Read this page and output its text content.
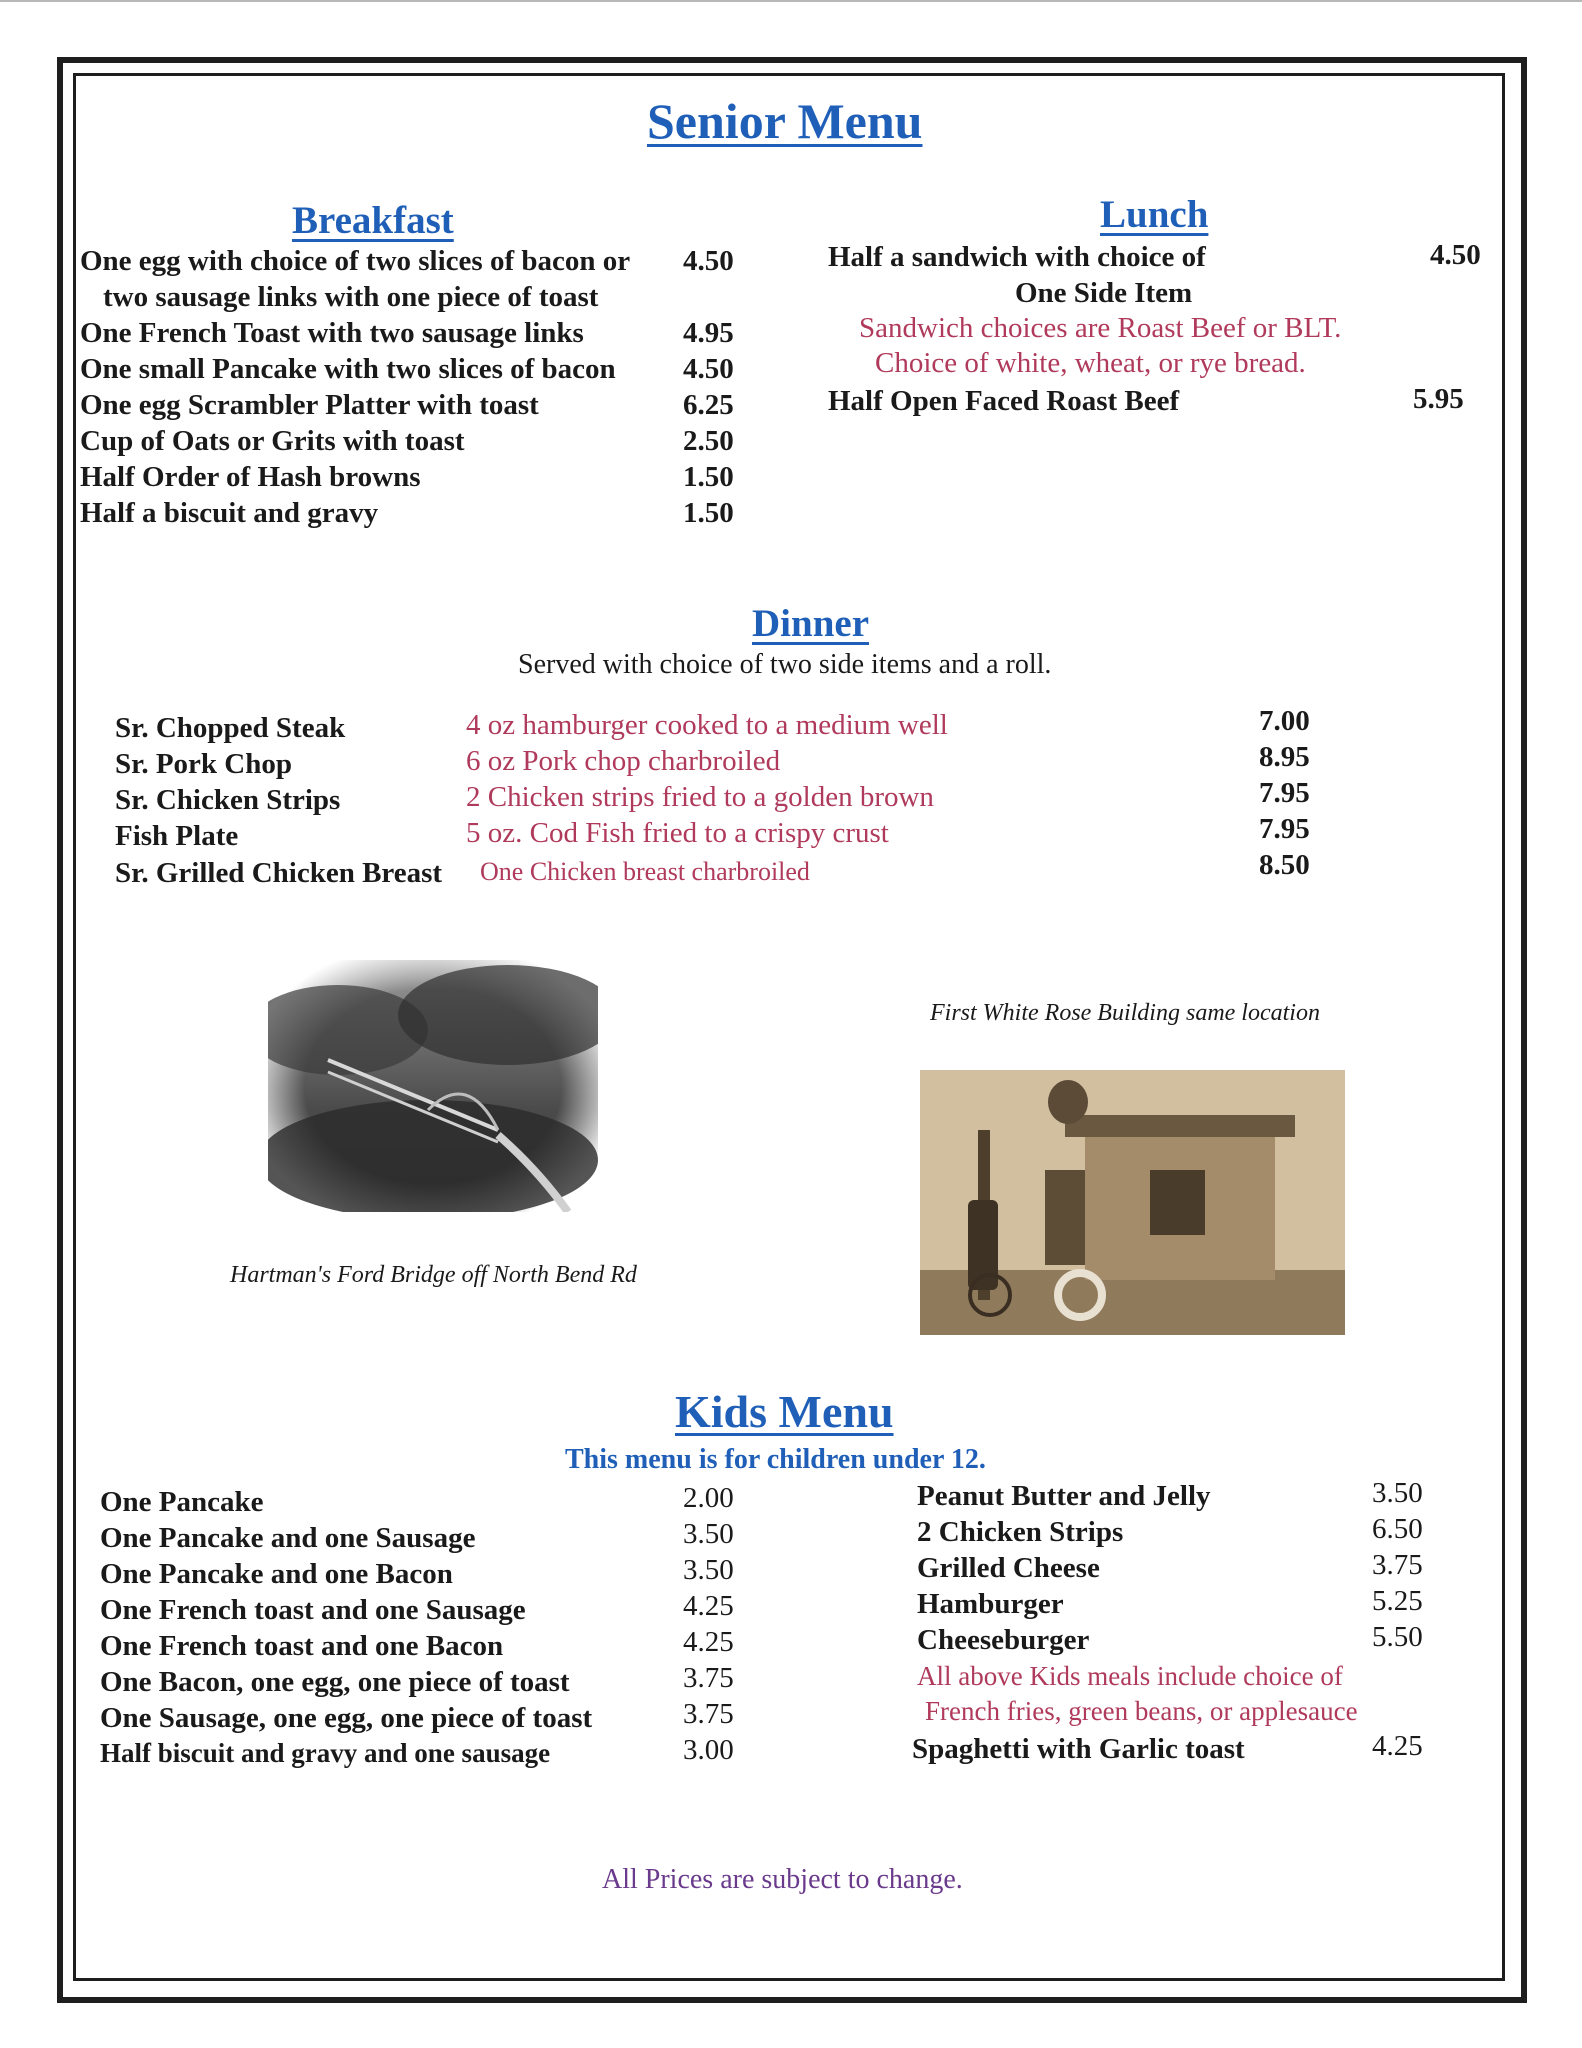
Senior Menu
Breakfast
One egg with choice of two slices of bacon or 4.50
two sausage links with one piece of toast
One French Toast with two sausage links	4.95
One small Pancake with two slices of bacon 4.50
One egg Scrambler Platter with toast	6.25
Cup of Oats or Grits with toast	2.50
Half Order of Hash browns	1.50
Half a biscuit and gravy	1.50
Lunch
Half a sandwich with choice of	4.50
One Side Item
Sandwich choices are Roast Beef or BLT.
Choice of white, wheat, or rye bread.
Half Open Faced Roast Beef	5.95
Dinner
Served with choice of two side items and a roll.
Sr. Chopped Steak	4 oz hamburger cooked to a medium well	7.00
Sr. Pork Chop	6 oz Pork chop charbroiled	8.95
Sr. Chicken Strips	2 Chicken strips fried to a golden brown	7.95
Fish Plate	5 oz. Cod Fish fried to a crispy crust	7.95
Sr. Grilled Chicken Breast One Chicken breast charbroiled	8.50
Hartman's Ford Bridge off North Bend Rd
First White Rose Building same location
Kids Menu
This menu is for children under 12.
One Pancake	2.00
One Pancake and one Sausage	3.50
One Pancake and one Bacon	3.50
One French toast and one Sausage	4.25
One French toast and one Bacon	4.25
One Bacon, one egg, one piece of toast	3.75
One Sausage, one egg, one piece of toast	3.75
Half biscuit and gravy and one sausage	3.00
Peanut Butter and Jelly	3.50
2 Chicken Strips	6.50
Grilled Cheese	3.75
Hamburger	5.25
Cheeseburger	5.50
All above Kids meals include choice of
French fries, green beans, or applesauce
Spaghetti with Garlic toast	4.25
All Prices are subject to change.
